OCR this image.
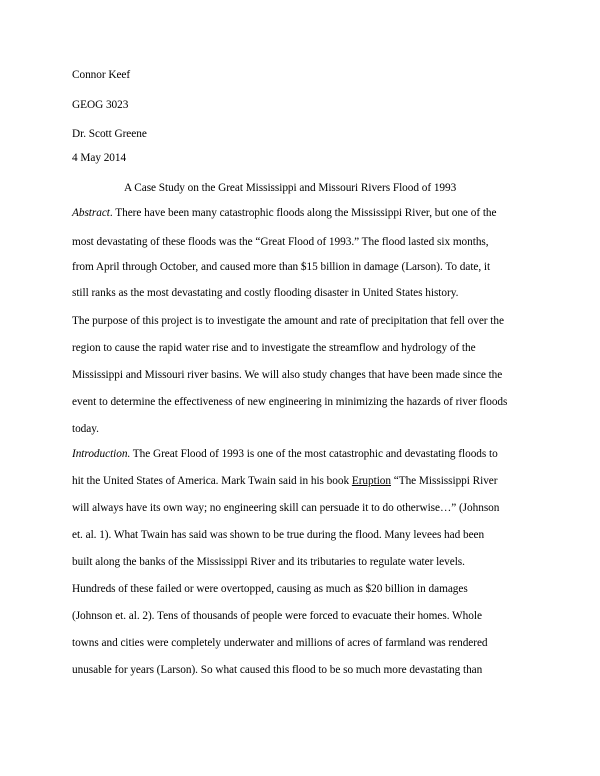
Connor Keef
GEOG 3023
Dr. Scott Greene
4 May 2014
A Case Study on the Great Mississippi and Missouri Rivers Flood of 1993
Abstract. There have been many catastrophic floods along the Mississippi River, but one of the
most devastating of these floods was the “Great Flood of 1993.” The flood lasted six months,
from April through October, and caused more than $15 billion in damage (Larson). To date, it
still ranks as the most devastating and costly flooding disaster in United States history.
The purpose of this project is to investigate the amount and rate of precipitation that fell over the
region to cause the rapid water rise and to investigate the streamflow and hydrology of the
Mississippi and Missouri river basins. We will also study changes that have been made since the
event to determine the effectiveness of new engineering in minimizing the hazards of river floods
today.
Introduction. The Great Flood of 1993 is one of the most catastrophic and devastating floods to
hit the United States of America. Mark Twain said in his book Eruption “The Mississippi River
will always have its own way; no engineering skill can persuade it to do otherwise…” (Johnson
et. al. 1). What Twain has said was shown to be true during the flood. Many levees had been
built along the banks of the Mississippi River and its tributaries to regulate water levels.
Hundreds of these failed or were overtopped, causing as much as $20 billion in damages
(Johnson et. al. 2). Tens of thousands of people were forced to evacuate their homes. Whole
towns and cities were completely underwater and millions of acres of farmland was rendered
unusable for years (Larson). So what caused this flood to be so much more devastating than
